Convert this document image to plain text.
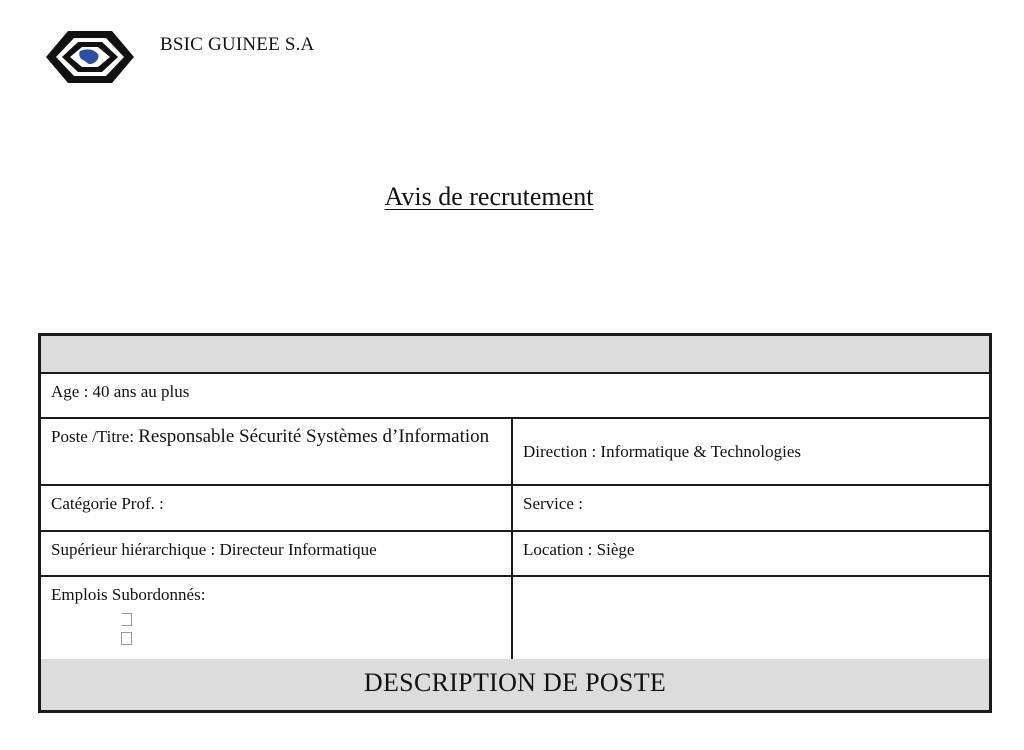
BSIC GUINEE S.A
Avis de recrutement
Age : 40 ans au plus
Poste /Titre: Responsable Sécurité Systèmes d’Information
Direction : Informatique & Technologies
Catégorie Prof. :	Service :
Supérieur hiérarchique : Directeur Informatique	Location : Siège
Emplois Subordonnés:
DESCRIPTION DE POSTE
